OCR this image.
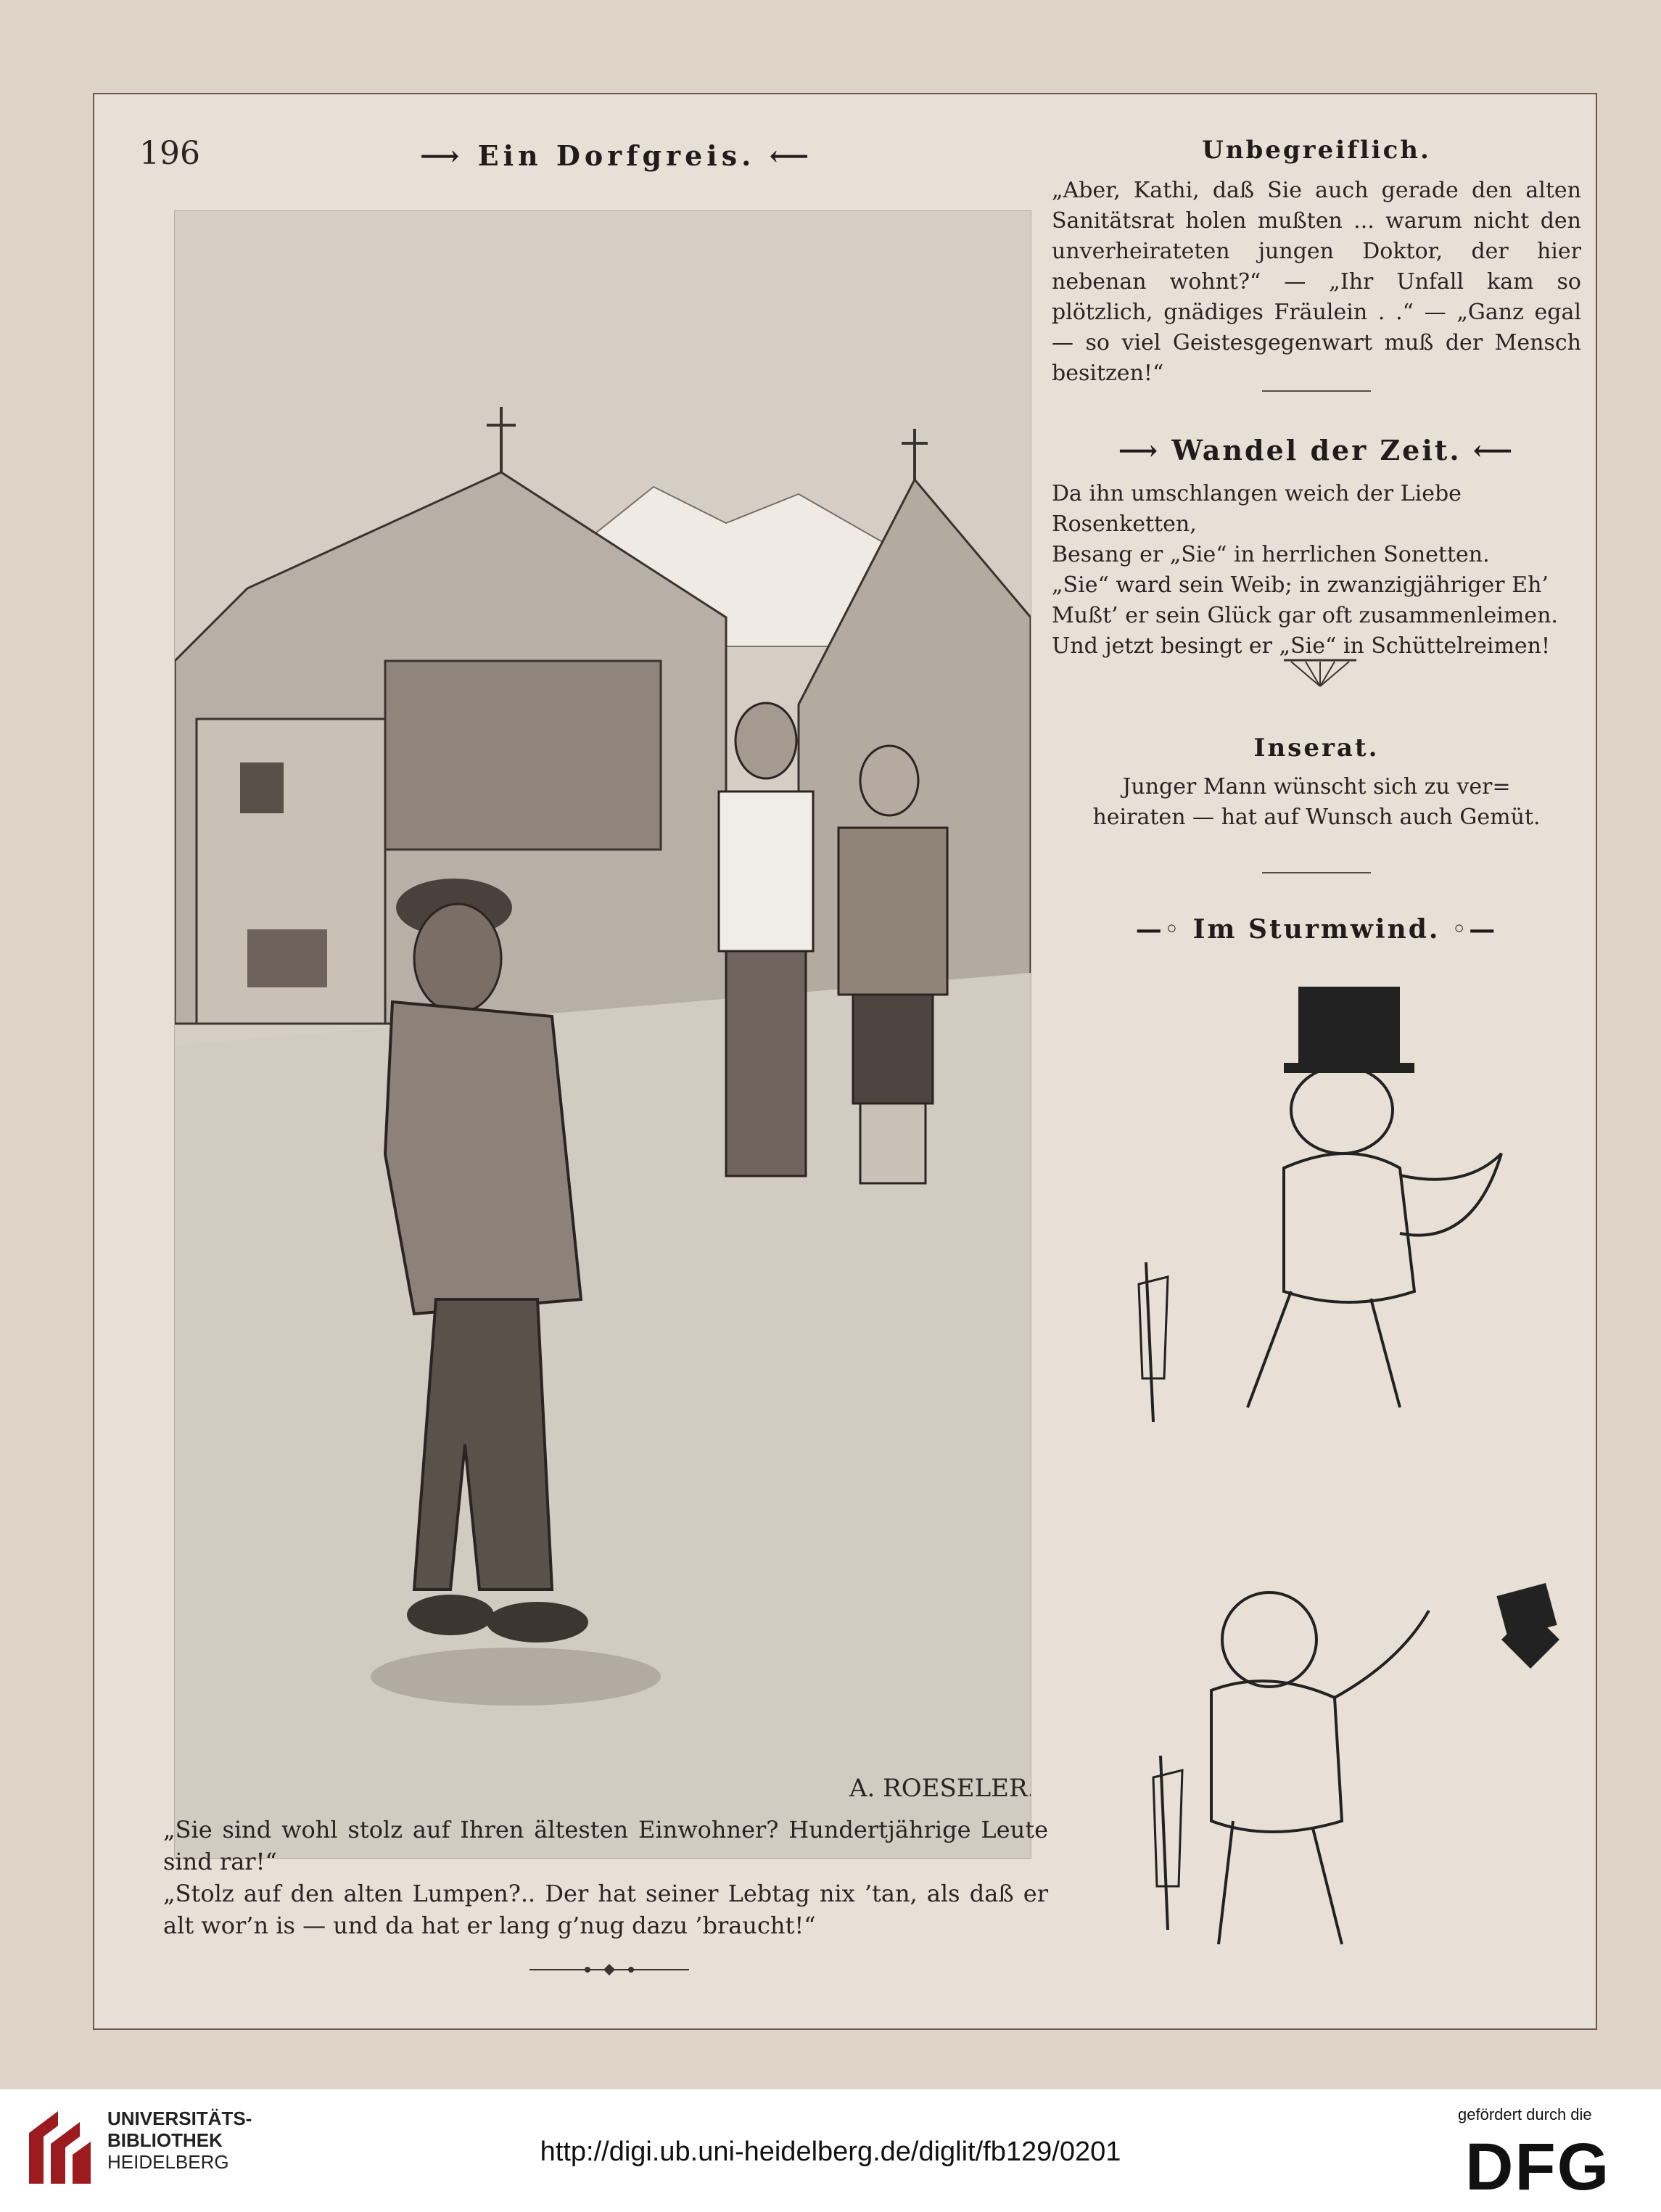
196	⟶ Ein Dorfgreis. ⟵
A. ROESELER.

„Sie sind wohl stolz auf Ihren ältesten Einwohner? Hundertjährige Leute sind rar!“

„Stolz auf den alten Lumpen?.. Der hat seiner Lebtag nix ’tan, als daß er alt wor’n is — und da hat er lang g’nug dazu ’braucht!“

Unbegreiflich.

„Aber, Kathi, daß Sie auch gerade den alten Sanitätsrat holen mußten ... warum nicht den unverheirateten jungen Doktor, der hier nebenan wohnt?“ — „Ihr Unfall kam so plötzlich, gnädiges Fräulein . .“ — „Ganz egal — so viel Geistesgegenwart muß der Mensch besitzen!“

⟶ Wandel der Zeit. ⟵

Da ihn umschlangen weich der Liebe Rosenketten,

Besang er „Sie“ in herrlichen Sonetten.

„Sie“ ward sein Weib; in zwanzigjähriger Eh’

Mußt’ er sein Glück gar oft zusammenleimen.

Und jetzt besingt er „Sie“ in Schüttelreimen!

Inserat.

Junger Mann wünscht sich zu ver=

heiraten — hat auf Wunsch auch Gemüt.

—◦ Im Sturmwind. ◦—
UNIVERSITÄTS-
BIBLIOTHEK
HEIDELBERG	http://digi.ub.uni-heidelberg.de/diglit/fb129/0201
gefördert durch die
DFG
